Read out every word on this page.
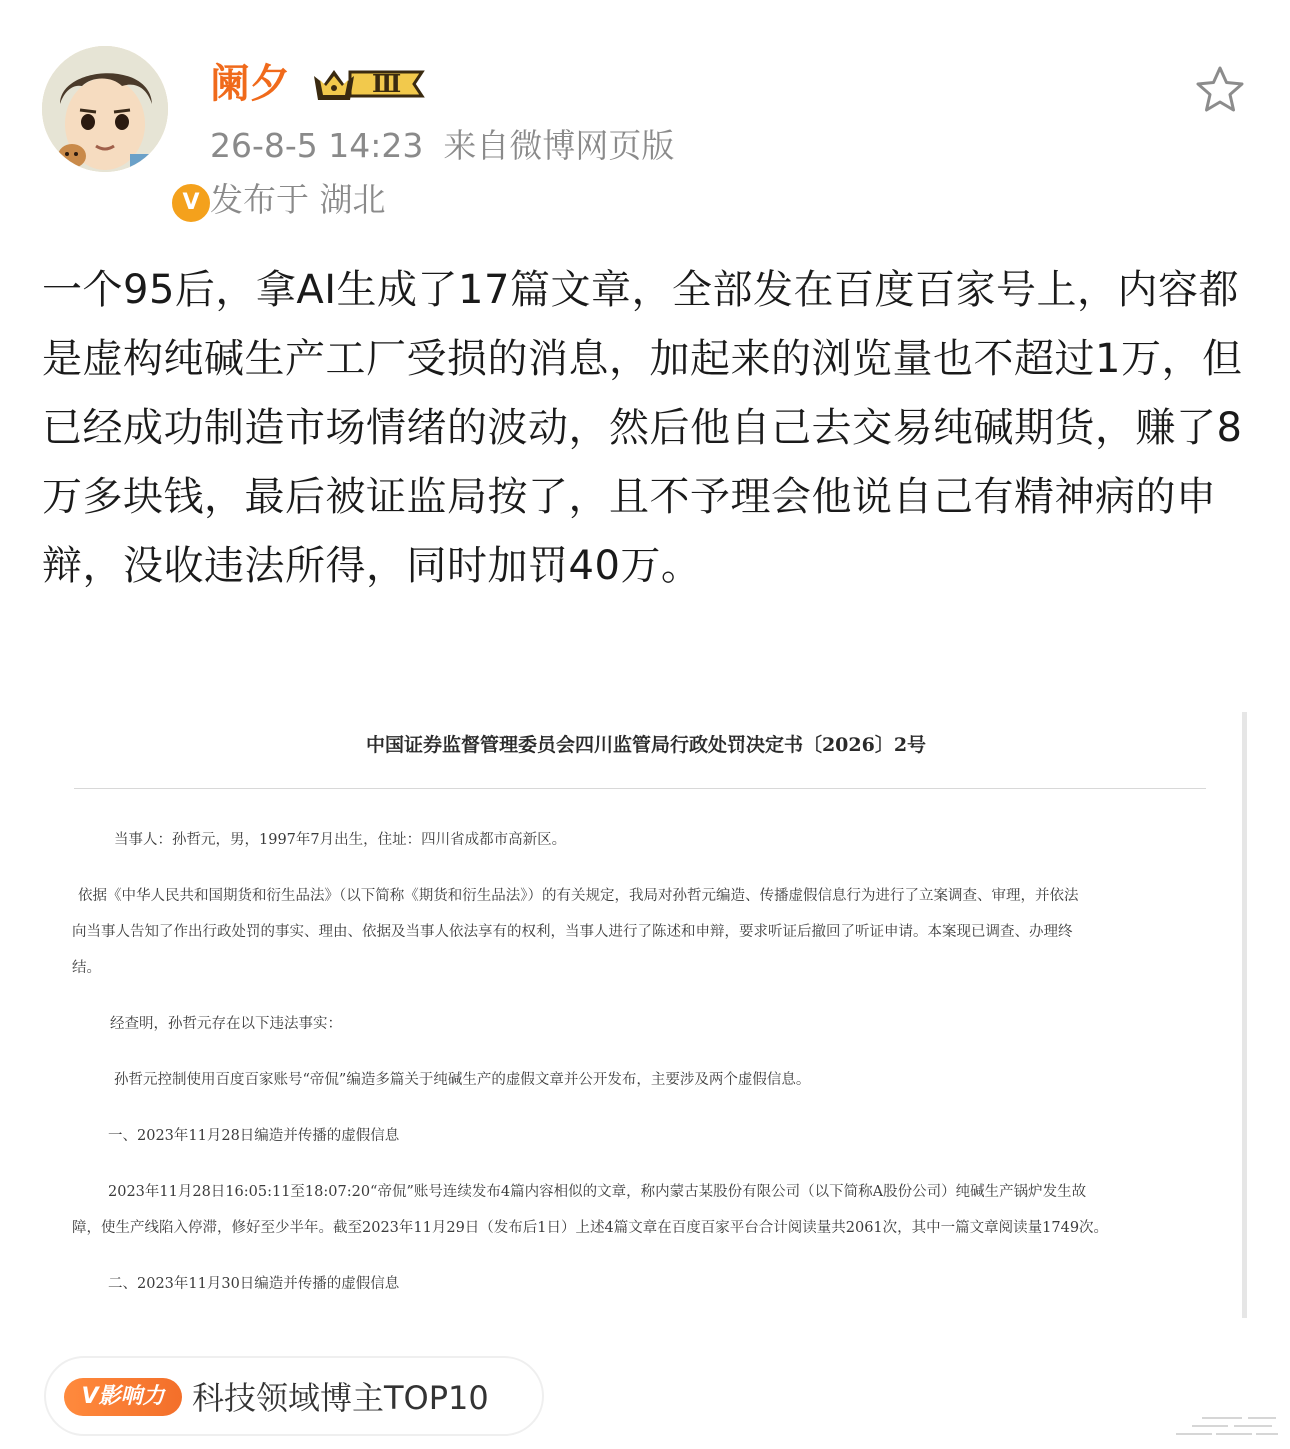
V
阑夕	Ⅲ
26-8-5 14:23 来自微博网页版
发布于 湖北
一个95后，拿AI生成了17篇文章，全部发在百度百家号上，内容都是虚构纯碱生产工厂受损的消息，加起来的浏览量也不超过1万，但已经成功制造市场情绪的波动，然后他自己去交易纯碱期货，赚了8万多块钱，最后被证监局按了，且不予理会他说自己有精神病的申辩，没收违法所得，同时加罚40万。
中国证券监督管理委员会四川监管局行政处罚决定书〔2026〕2号
当事人：孙哲元，男，1997年7月出生，住址：四川省成都市高新区。
依据《中华人民共和国期货和衍生品法》（以下简称《期货和衍生品法》）的有关规定，我局对孙哲元编造、传播虚假信息行为进行了立案调查、审理，并依法
向当事人告知了作出行政处罚的事实、理由、依据及当事人依法享有的权利，当事人进行了陈述和申辩，要求听证后撤回了听证申请。本案现已调查、办理终
结。
经查明，孙哲元存在以下违法事实：
孙哲元控制使用百度百家账号“帝侃”编造多篇关于纯碱生产的虚假文章并公开发布，主要涉及两个虚假信息。
一、2023年11月28日编造并传播的虚假信息
2023年11月28日16:05:11至18:07:20“帝侃”账号连续发布4篇内容相似的文章，称内蒙古某股份有限公司（以下简称A股份公司）纯碱生产锅炉发生故
障，使生产线陷入停滞，修好至少半年。截至2023年11月29日（发布后1日）上述4篇文章在百度百家平台合计阅读量共2061次，其中一篇文章阅读量1749次。
二、2023年11月30日编造并传播的虚假信息
V影响力 科技领域博主TOP10
